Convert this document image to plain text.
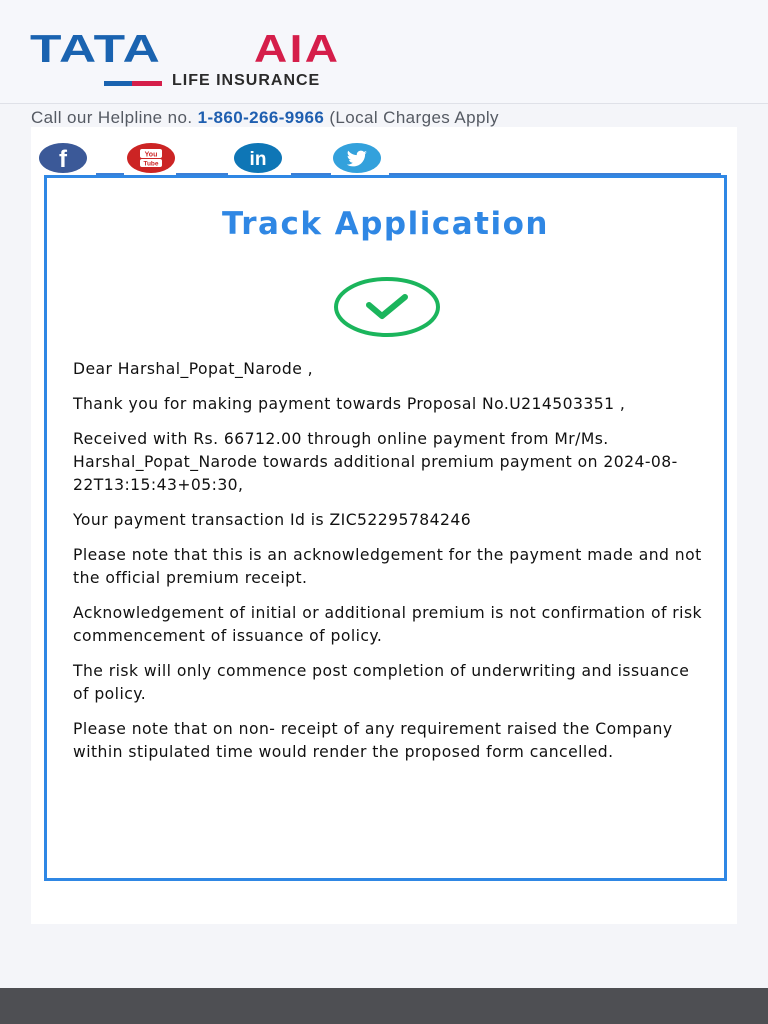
TATA AIA
LIFE INSURANCE
Call our Helpline no. 1-860-266-9966 (Local Charges Apply
f	You
Tube	in
Track Application

Dear Harshal_Popat_Narode ,

Thank you for making payment towards Proposal No.U214503351 ,

Received with Rs. 66712.00 through online payment from Mr/Ms. Harshal_Popat_Narode towards additional premium payment on 2024-08-22T13:15:43+05:30,

Your payment transaction Id is ZIC52295784246

Please note that this is an acknowledgement for the payment made and not the official premium receipt.

Acknowledgement of initial or additional premium is not confirmation of risk commencement of issuance of policy.

The risk will only commence post completion of underwriting and issuance of policy.

Please note that on non- receipt of any requirement raised the Company within stipulated time would render the proposed form cancelled.
